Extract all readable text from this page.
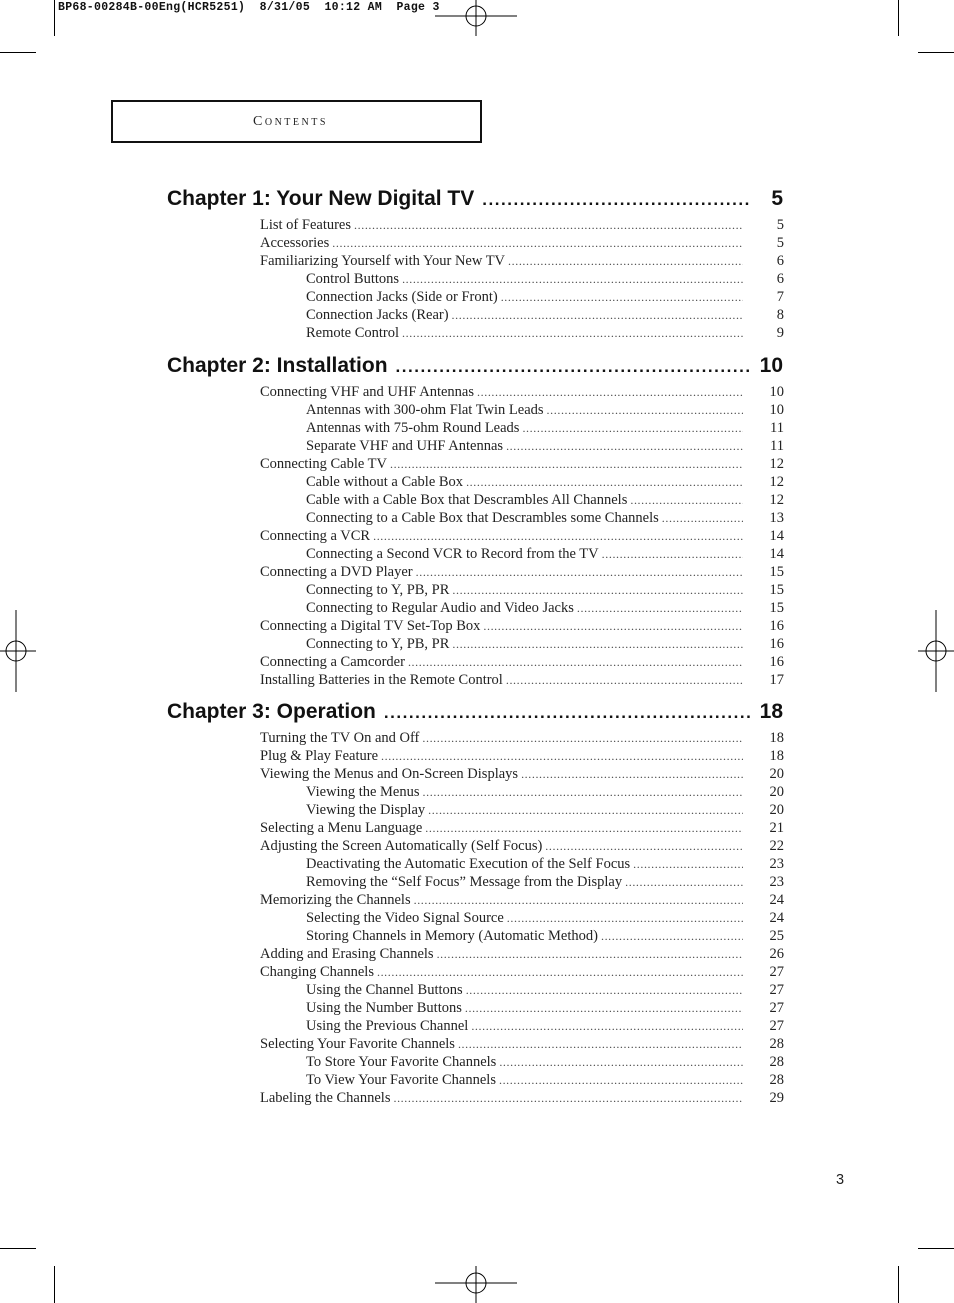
BP68-00284B-00Eng(HCR5251)  8/31/05  10:12 AM  Page 3
Contents
Chapter 1: Your New Digital TV . . .	5
List of Features .....	5
Accessories .....	5
Familiarizing Yourself with Your New TV .....	6
Control Buttons .....	6
Connection Jacks (Side or Front) .....	7
Connection Jacks (Rear) .....	8
Remote Control .....	9
Chapter 2: Installation . . .	10
Connecting VHF and UHF Antennas .....	10
Antennas with 300-ohm Flat Twin Leads .....	10
Antennas with 75-ohm Round Leads .....	11
Separate VHF and UHF Antennas .....	11
Connecting Cable TV .....	12
Cable without a Cable Box .....	12
Cable with a Cable Box that Descrambles All Channels .....	12
Connecting to a Cable Box that Descrambles some Channels .....	13
Connecting a VCR .....	14
Connecting a Second VCR to Record from the TV .....	14
Connecting a DVD Player .....	15
Connecting to Y, PB, PR .....	15
Connecting to Regular Audio and Video Jacks .....	15
Connecting a Digital TV Set-Top Box .....	16
Connecting to Y, PB, PR .....	16
Connecting a Camcorder .....	16
Installing Batteries in the Remote Control .....	17
Chapter 3: Operation . . .	18
Turning the TV On and Off .....	18
Plug & Play Feature .....	18
Viewing the Menus and On-Screen Displays .....	20
Viewing the Menus .....	20
Viewing the Display .....	20
Selecting a Menu Language .....	21
Adjusting the Screen Automatically (Self Focus) .....	22
Deactivating the Automatic Execution of the Self Focus .....	23
Removing the “Self Focus” Message from the Display .....	23
Memorizing the Channels .....	24
Selecting the Video Signal Source .....	24
Storing Channels in Memory (Automatic Method) .....	25
Adding and Erasing Channels .....	26
Changing Channels .....	27
Using the Channel Buttons .....	27
Using the Number Buttons .....	27
Using the Previous Channel .....	27
Selecting Your Favorite Channels .....	28
To Store Your Favorite Channels .....	28
To View Your Favorite Channels .....	28
Labeling the Channels .....	29
3
